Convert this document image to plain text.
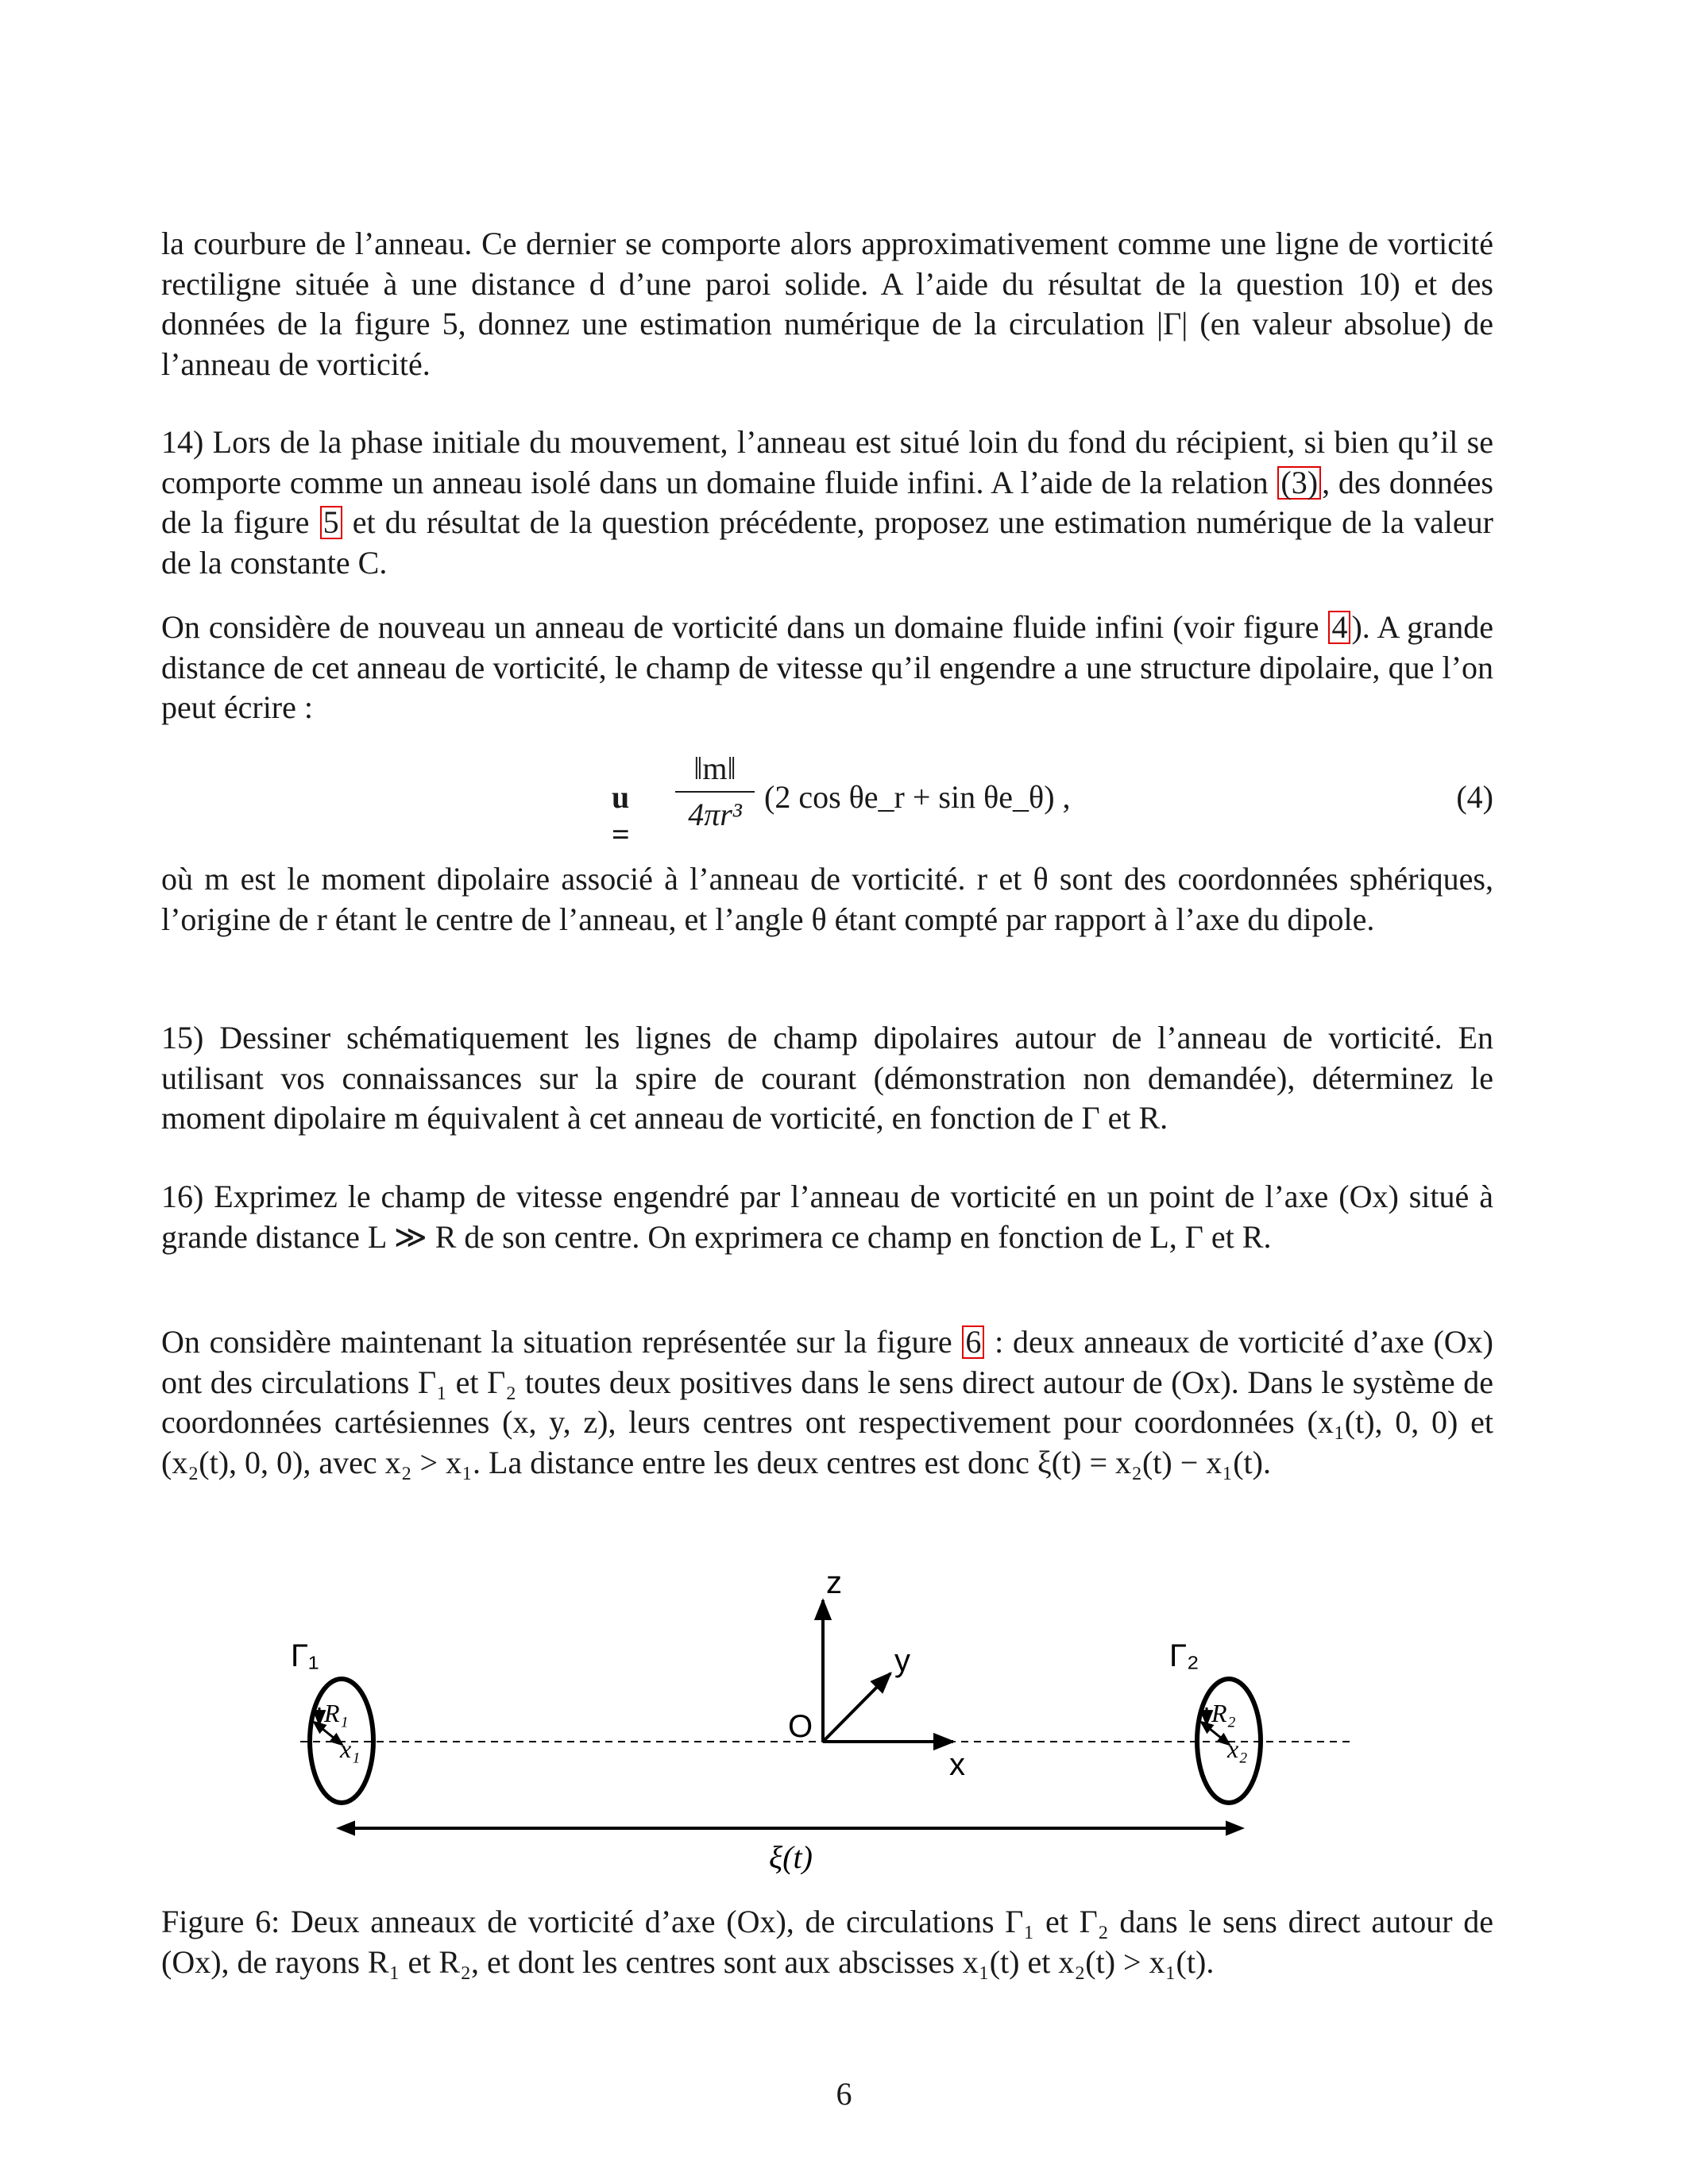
la courbure de l’anneau. Ce dernier se comporte alors approximativement comme une ligne de vorticité rectiligne située à une distance d d’une paroi solide. A l’aide du résultat de la question 10) et des données de la figure 5, donnez une estimation numérique de la circulation |Γ| (en valeur absolue) de l’anneau de vorticité.

14) Lors de la phase initiale du mouvement, l’anneau est situé loin du fond du récipient, si bien qu’il se comporte comme un anneau isolé dans un domaine fluide infini. A l’aide de la relation (3) , des données de la figure 5 et du résultat de la question précédente, proposez une estimation numérique de la valeur de la constante C.

On considère de nouveau un anneau de vorticité dans un domaine fluide infini (voir figure 4 ). A grande distance de cet anneau de vorticité, le champ de vitesse qu’il engendre a une structure dipolaire, que l’on peut écrire :

u =
‖m‖
4πr³ (2 cos θe_r + sin θe_θ) ,	(4)

où m est le moment dipolaire associé à l’anneau de vorticité. r et θ sont des coordonnées sphériques, l’origine de r étant le centre de l’anneau, et l’angle θ étant compté par rapport à l’axe du dipole.

15) Dessiner schématiquement les lignes de champ dipolaires autour de l’anneau de vorticité. En utilisant vos connaissances sur la spire de courant (démonstration non demandée), déterminez le moment dipolaire m équivalent à cet anneau de vorticité, en fonction de Γ et R.

16) Exprimez le champ de vitesse engendré par l’anneau de vorticité en un point de l’axe (Ox) situé à grande distance L ≫ R de son centre. On exprimera ce champ en fonction de L, Γ et R.

On considère maintenant la situation représentée sur la figure 6 : deux anneaux de vorticité d’axe (Ox) ont des circulations Γ₁ et Γ₂ toutes deux positives dans le sens direct autour de (Ox). Dans le système de coordonnées cartésiennes (x, y, z), leurs centres ont respectivement pour coordonnées (x₁(t), 0, 0) et (x₂(t), 0, 0), avec x₂ > x₁. La distance entre les deux centres est donc ξ(t) = x₂(t) − x₁(t).

Γ₁
R₁
x₁
Γ₂
R₂
x₂
z
y
x
O
ξ(t)

Figure 6: Deux anneaux de vorticité d’axe (Ox), de circulations Γ₁ et Γ₂ dans le sens direct autour de (Ox), de rayons R₁ et R₂, et dont les centres sont aux abscisses x₁(t) et x₂(t) > x₁(t).

6
